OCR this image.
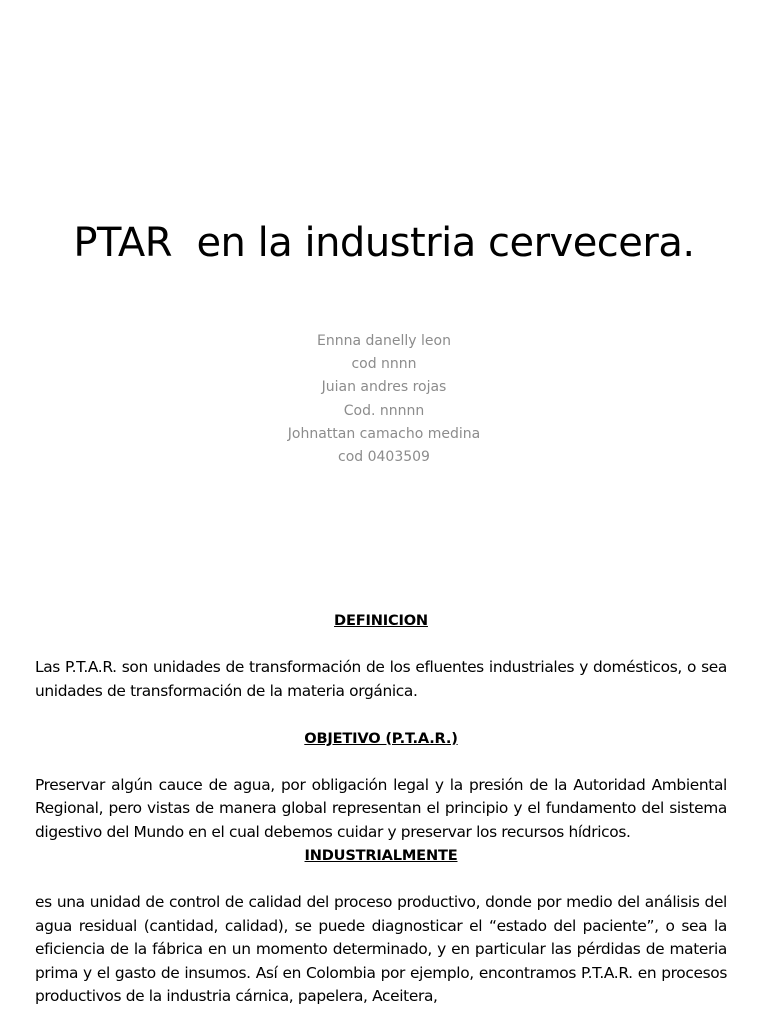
PTAR  en la industria cervecera.
Ennna danelly leon
cod nnnn
Juian andres rojas
Cod. nnnnn
Johnattan camacho medina
cod 0403509
DEFINICION
Las P.T.A.R. son unidades de transformación de los efluentes industriales y domésticos, o sea unidades de transformación de la materia orgánica.
OBJETIVO (P.T.A.R.)
Preservar algún cauce de agua, por obligación legal y la presión de la Autoridad Ambiental Regional, pero vistas de manera global representan el principio y el fundamento del sistema digestivo del Mundo en el cual debemos cuidar y preservar los recursos hídricos.
INDUSTRIALMENTE
es una unidad de control de calidad del proceso productivo, donde por medio del análisis del agua residual (cantidad, calidad), se puede diagnosticar el “estado del paciente”, o sea la eficiencia de la fábrica en un momento determinado, y en particular las pérdidas de materia prima y el gasto de insumos. Así en Colombia por ejemplo, encontramos P.T.A.R. en procesos productivos de la industria cárnica, papelera, Aceitera,
